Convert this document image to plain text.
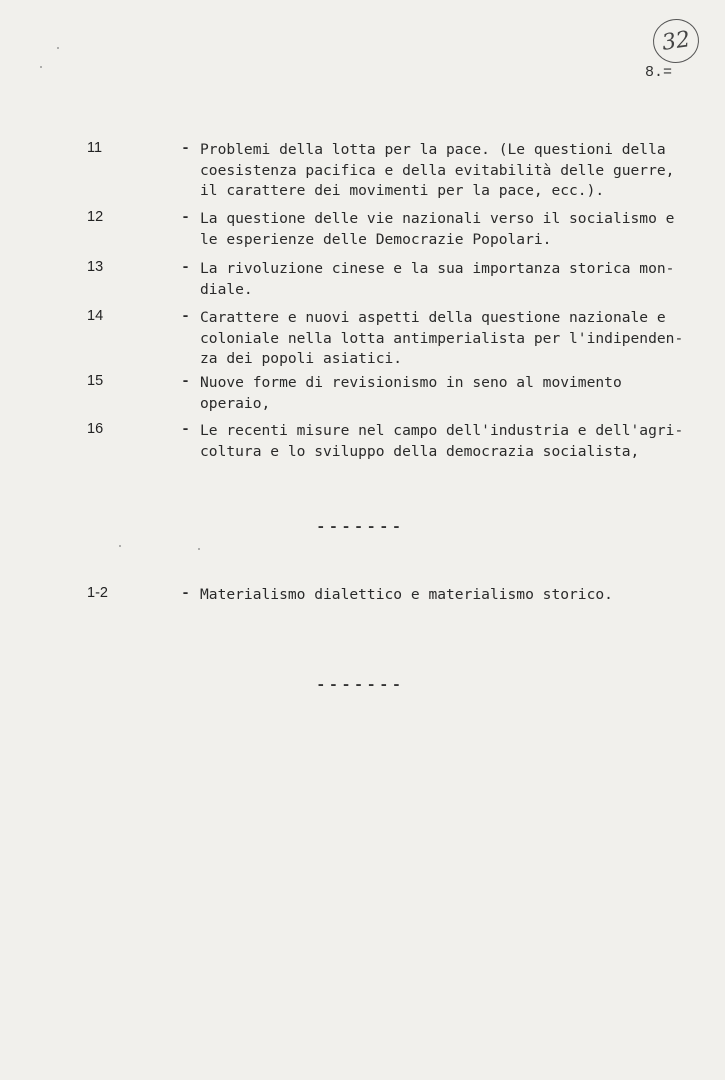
32
8.=
11	- Problemi della lotta per la pace. (Le questioni della
coesistenza pacifica e della evitabilità delle guerre,
il carattere dei movimenti per la pace, ecc.).
12	- La questione delle vie nazionali verso il socialismo e
le esperienze delle Democrazie Popolari.
13	- La rivoluzione cinese e la sua importanza storica mon-
diale.
14	- Carattere e nuovi aspetti della questione nazionale e
coloniale nella lotta antimperialista per l'indipenden-
za dei popoli asiatici.
15	- Nuove forme di revisionismo in seno al movimento
operaio,
16	- Le recenti misure nel campo dell'industria e dell'agri-
coltura e lo sviluppo della democrazia socialista,
-------
1-2	- Materialismo dialettico e materialismo storico.
-------
